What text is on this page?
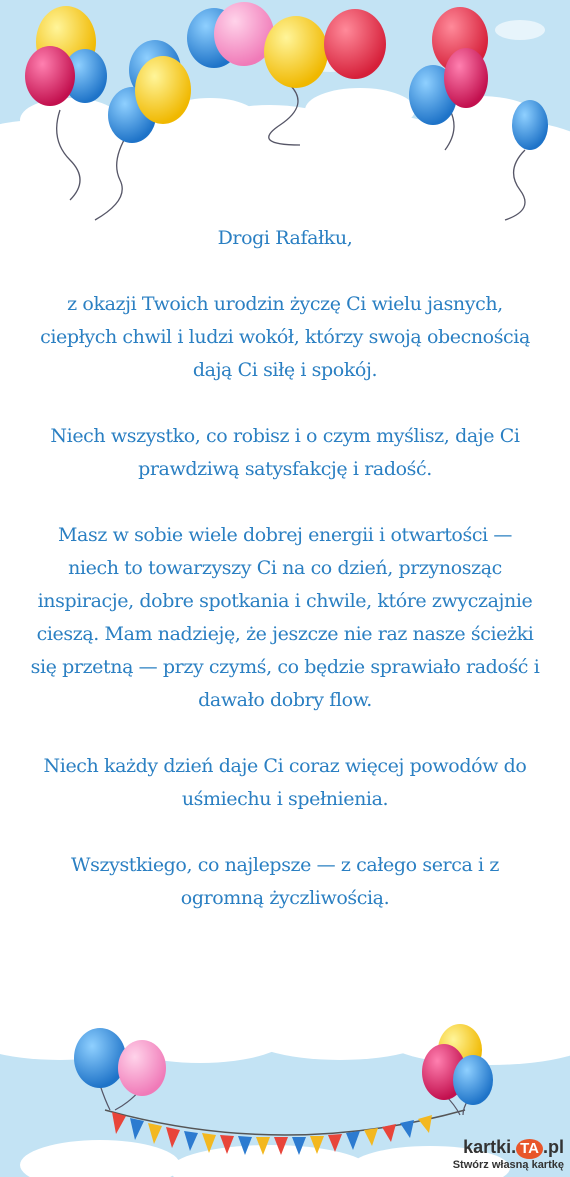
Drogi Rafałku,

z okazji Twoich urodzin życzę Ci wielu jasnych, ciepłych chwil i ludzi wokół, którzy swoją obecnością dają Ci siłę i spokój.

Niech wszystko, co robisz i o czym myślisz, daje Ci prawdziwą satysfakcję i radość.

Masz w sobie wiele dobrej energii i otwartości — niech to towarzyszy Ci na co dzień, przynosząc inspiracje, dobre spotkania i chwile, które zwyczajnie cieszą. Mam nadzieję, że jeszcze nie raz nasze ścieżki się przetną — przy czymś, co będzie sprawiało radość i dawało dobry flow.

Niech każdy dzień daje Ci coraz więcej powodów do uśmiechu i spełnienia.

Wszystkiego, co najlepsze — z całego serca i z ogromną życzliwością.

kartki. TA .pl
Stwórz własną kartkę
